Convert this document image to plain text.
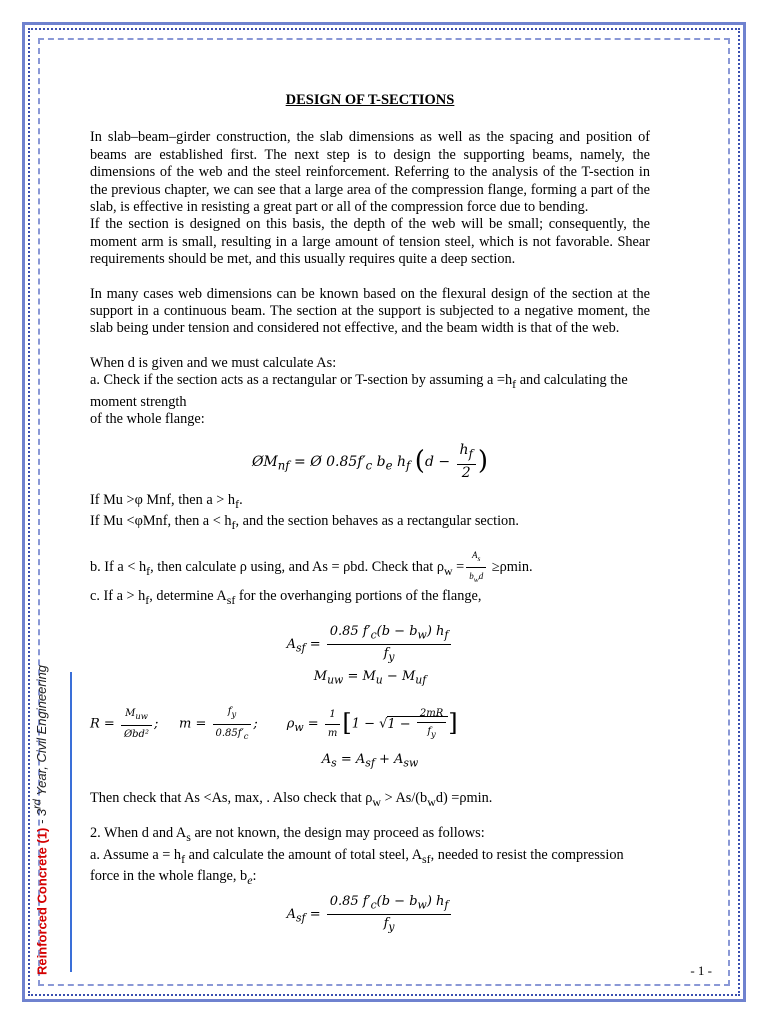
DESIGN OF T-SECTIONS

In slab–beam–girder construction, the slab dimensions as well as the spacing and position of beams are established first. The next step is to design the supporting beams, namely, the dimensions of the web and the steel reinforcement. Referring to the analysis of the T-section in the previous chapter, we can see that a large area of the compression flange, forming a part of the slab, is effective in resisting a great part or all of the compression force due to bending.

If the section is designed on this basis, the depth of the web will be small; consequently, the moment arm is small, resulting in a large amount of tension steel, which is not favorable. Shear requirements should be met, and this usually requires quite a deep section.

In many cases web dimensions can be known based on the flexural design of the section at the support in a continuous beam. The section at the support is subjected to a negative moment, the slab being under tension and considered not effective, and the beam width is that of the web.

When d is given and we must calculate As:

a. Check if the section acts as a rectangular or T-section by assuming $a =h_f$ and calculating the moment strength

of the whole flange:

$ØM_{nf}$ = Ø $0.85f'_c$ $b_e$ $h_f$ ($d - \frac{h_f}{2}$ )

If Mu >φ Mnf, then $a > h_f$.

If Mu <φMnf, then $a < h_f$, and the section behaves as a rectangular section.

b. If $a < h_f$, then calculate ρ using, and As = ρbd. Check that $\rho_w = \frac{A_s}{b_wd} \ge\rho\min$.

c. If $a > h_f$, determine $A_{sf}$ for the overhanging portions of the flange,

$A_{sf} = \frac{0.85 f'_c(b - b_w) h_f}{f_y}$
$M_{uw} = M_u - M_{uf}$
$R = \frac{M_{uw}}{\text{Øbd²}}$ ;     $m = \frac{f_y}{0.85f'_c}$ ;       $\rho_w = \frac{1}{m} [1 - √1 - \frac{2mR}{f_y}$ ]
$A_s = A_{sf} + A_{sw}$

Then check that As <As, max, . Also check that $\rho_w > As/(b_wd) =\rho\min$.

2. When d and $A_s$ are not known, the design may proceed as follows:

a. Assume $a = h_f$ and calculate the amount of total steel, $A_{sf}$, needed to resist the compression force in the whole flange, $b_e$:

$A_{sf} = \frac{0.85 f'_c(b - b_w) h_f}{f_y}$
Reinforced Concrete (1) - 3rd Year, Civil Engineering
- 1 -
